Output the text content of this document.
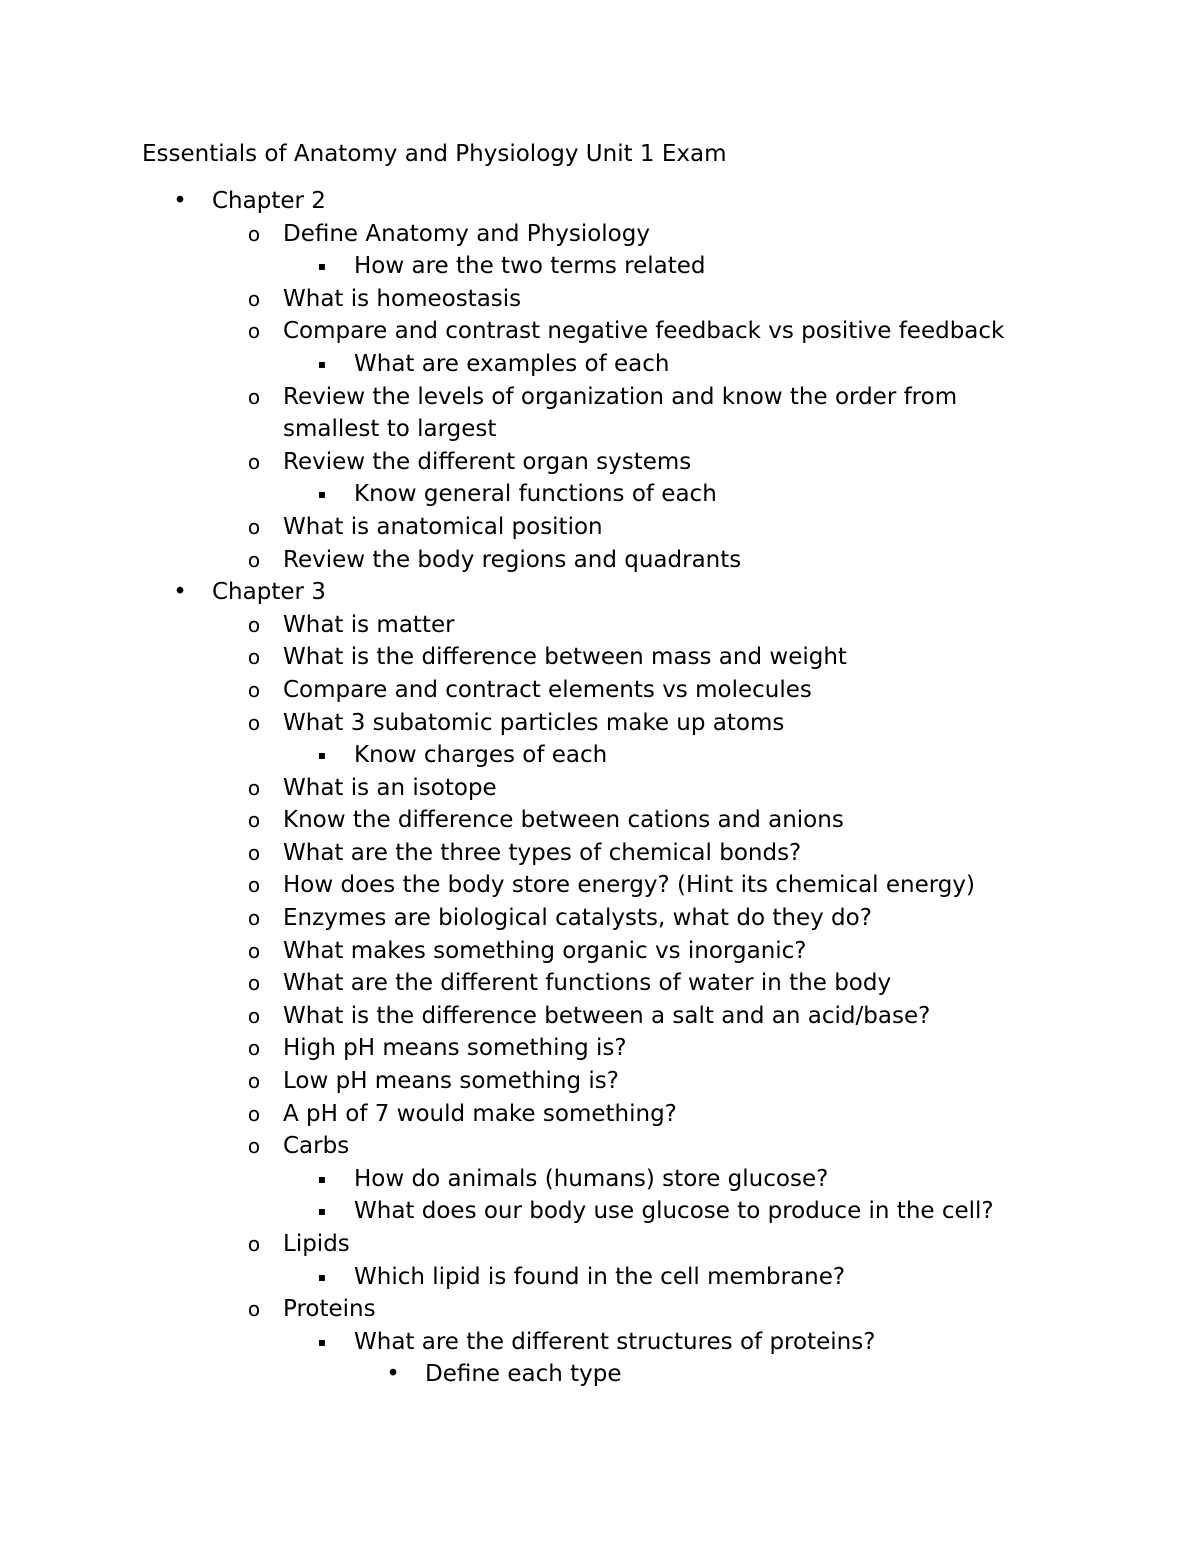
Essentials of Anatomy and Physiology Unit 1 Exam
•
Chapter 2
o
Define Anatomy and Physiology
▪
How are the two terms related
o
What is homeostasis
o
Compare and contrast negative feedback vs positive feedback
▪
What are examples of each
o
Review the levels of organization and know the order from smallest to largest
o
Review the different organ systems
▪
Know general functions of each
o
What is anatomical position
o
Review the body regions and quadrants
•
Chapter 3
o
What is matter
o
What is the difference between mass and weight
o
Compare and contract elements vs molecules
o
What 3 subatomic particles make up atoms
▪
Know charges of each
o
What is an isotope
o
Know the difference between cations and anions
o
What are the three types of chemical bonds?
o
How does the body store energy? (Hint its chemical energy)
o
Enzymes are biological catalysts, what do they do?
o
What makes something organic vs inorganic?
o
What are the different functions of water in the body
o
What is the difference between a salt and an acid/base?
o
High pH means something is?
o
Low pH means something is?
o
A pH of 7 would make something?
o
Carbs
▪
How do animals (humans) store glucose?
▪
What does our body use glucose to produce in the cell?
o
Lipids
▪
Which lipid is found in the cell membrane?
o
Proteins
▪
What are the different structures of proteins?
•
Define each type
